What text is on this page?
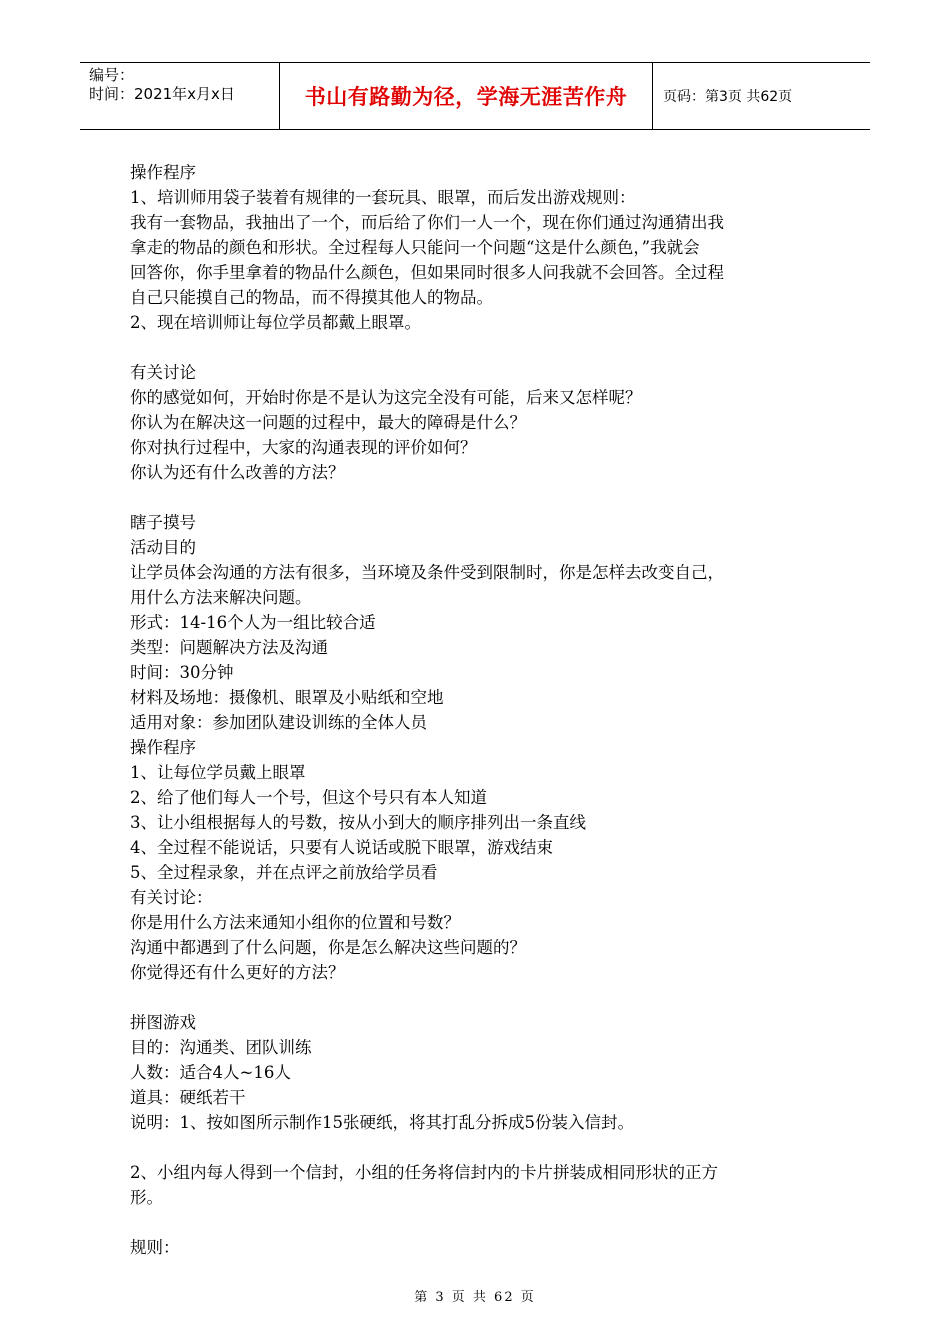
编号：
时间：2021年x月x日	书山有路勤为径，学海无涯苦作舟	页码：第3页 共62页
操作程序
1、培训师用袋子装着有规律的一套玩具、眼罩，而后发出游戏规则：
我有一套物品，我抽出了一个，而后给了你们一人一个，现在你们通过沟通猜出我
拿走的物品的颜色和形状。全过程每人只能问一个问题“这是什么颜色，”我就会
回答你，你手里拿着的物品什么颜色，但如果同时很多人问我就不会回答。全过程
自己只能摸自己的物品，而不得摸其他人的物品。
2、现在培训师让每位学员都戴上眼罩。
有关讨论
你的感觉如何，开始时你是不是认为这完全没有可能，后来又怎样呢？
你认为在解决这一问题的过程中，最大的障碍是什么？
你对执行过程中，大家的沟通表现的评价如何？
你认为还有什么改善的方法？
瞎子摸号
活动目的
让学员体会沟通的方法有很多，当环境及条件受到限制时，你是怎样去改变自己，
用什么方法来解决问题。
形式：14-16个人为一组比较合适
类型：问题解决方法及沟通
时间：30分钟
材料及场地：摄像机、眼罩及小贴纸和空地
适用对象：参加团队建设训练的全体人员
操作程序
1、让每位学员戴上眼罩
2、给了他们每人一个号，但这个号只有本人知道
3、让小组根据每人的号数，按从小到大的顺序排列出一条直线
4、全过程不能说话，只要有人说话或脱下眼罩，游戏结束
5、全过程录象，并在点评之前放给学员看
有关讨论：
你是用什么方法来通知小组你的位置和号数？
沟通中都遇到了什么问题，你是怎么解决这些问题的？
你觉得还有什么更好的方法？
拼图游戏
目的：沟通类、团队训练
人数：适合4人~16人
道具：硬纸若干
说明：1、按如图所示制作15张硬纸，将其打乱分拆成5份装入信封。
2、小组内每人得到一个信封，小组的任务将信封内的卡片拼装成相同形状的正方
形。
规则：
第 3 页 共 62 页
